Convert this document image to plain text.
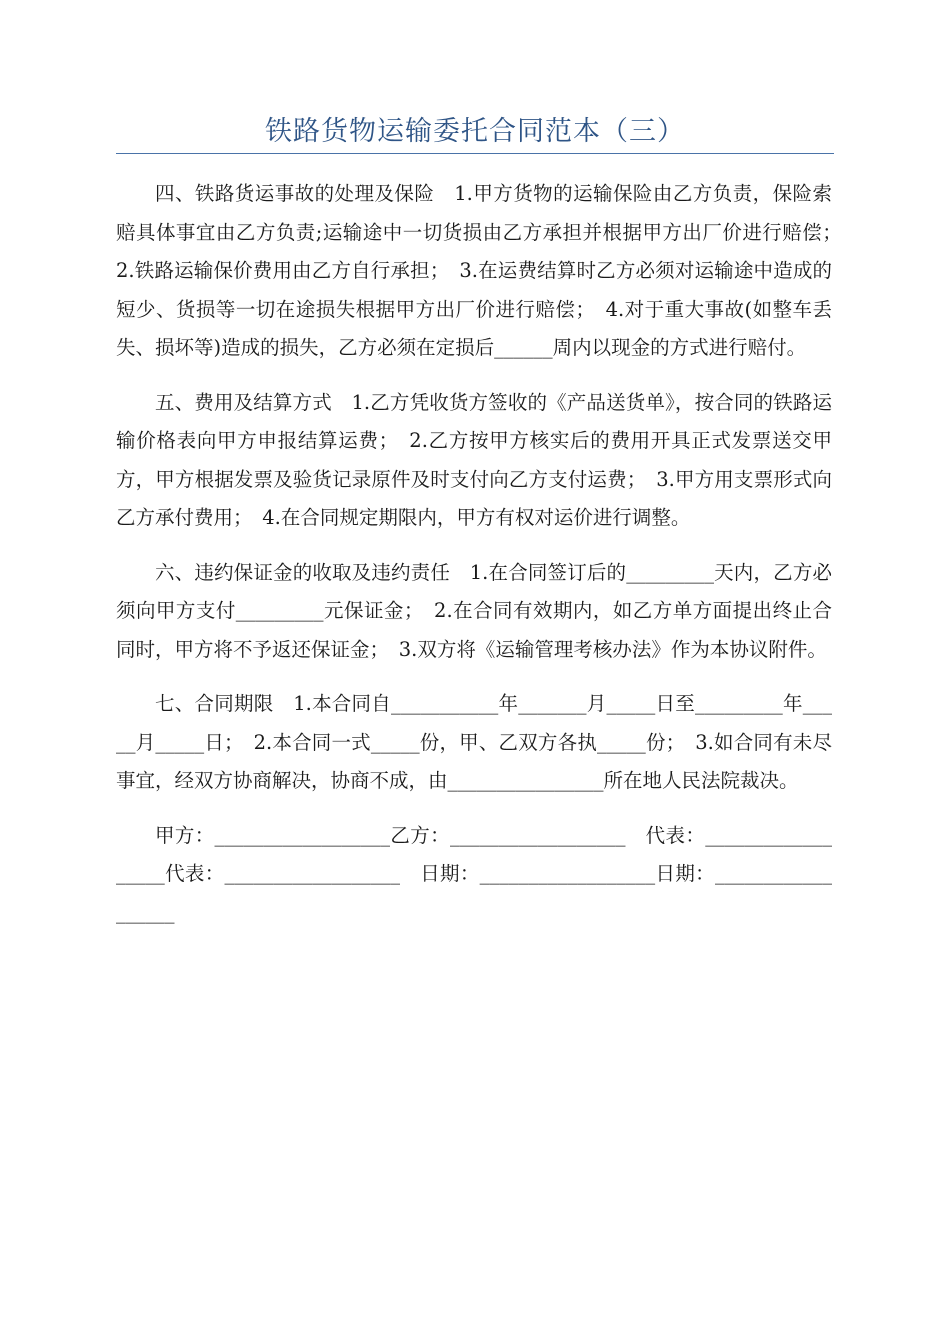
铁路货物运输委托合同范本（三）

四、铁路货运事故的处理及保险　1.甲方货物的运输保险由乙方负责，保险索赔具体事宜由乙方负责;运输途中一切货损由乙方承担并根据甲方出厂价进行赔偿；　2.铁路运输保价费用由乙方自行承担；　3.在运费结算时乙方必须对运输途中造成的短少、货损等一切在途损失根据甲方出厂价进行赔偿；　4.对于重大事故(如整车丢失、损坏等)造成的损失，乙方必须在定损后______周内以现金的方式进行赔付。

五、费用及结算方式　1.乙方凭收货方签收的《产品送货单》，按合同的铁路运输价格表向甲方申报结算运费；　2.乙方按甲方核实后的费用开具正式发票送交甲方，甲方根据发票及验货记录原件及时支付向乙方支付运费；　3.甲方用支票形式向乙方承付费用；　4.在合同规定期限内，甲方有权对运价进行调整。

六、违约保证金的收取及违约责任　1.在合同签订后的_________天内，乙方必须向甲方支付_________元保证金；　2.在合同有效期内，如乙方单方面提出终止合同时，甲方将不予返还保证金；　3.双方将《运输管理考核办法》作为本协议附件。

七、合同期限　1.本合同自___________年_______月_____日至_________年_____月_____日；　2.本合同一式_____份，甲、乙双方各执_____份；　3.如合同有未尽事宜，经双方协商解决，协商不成，由________________所在地人民法院裁决。

甲方：__________________乙方：__________________　代表：__________________代表：__________________　日期：__________________日期：__________________
